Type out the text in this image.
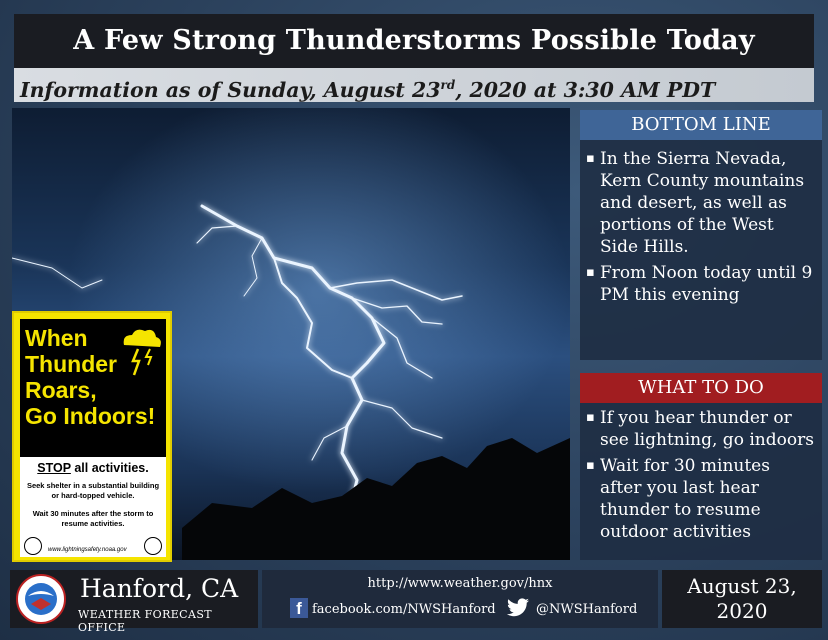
A Few Strong Thunderstorms Possible Today
Information as of Sunday, August 23rd, 2020 at 3:30 AM PDT
When
Thunder
Roars,
Go Indoors!
STOP all activities.
Seek shelter in a substantial building
or hard-topped vehicle.
Wait 30 minutes after the storm to
resume activities.
www.lightningsafety.noaa.gov
BOTTOM LINE
▪ In the Sierra Nevada, Kern County mountains and desert, as well as portions of the West Side Hills.
▪ From Noon today until 9 PM this evening
WHAT TO DO
▪ If you hear thunder or see lightning, go indoors
▪ Wait for 30 minutes after you last hear thunder to resume outdoor activities
Hanford, CA
WEATHER FORECAST OFFICE
http://www.weather.gov/hnx
f facebook.com/NWSHanford	@NWSHanford
August 23,
2020
